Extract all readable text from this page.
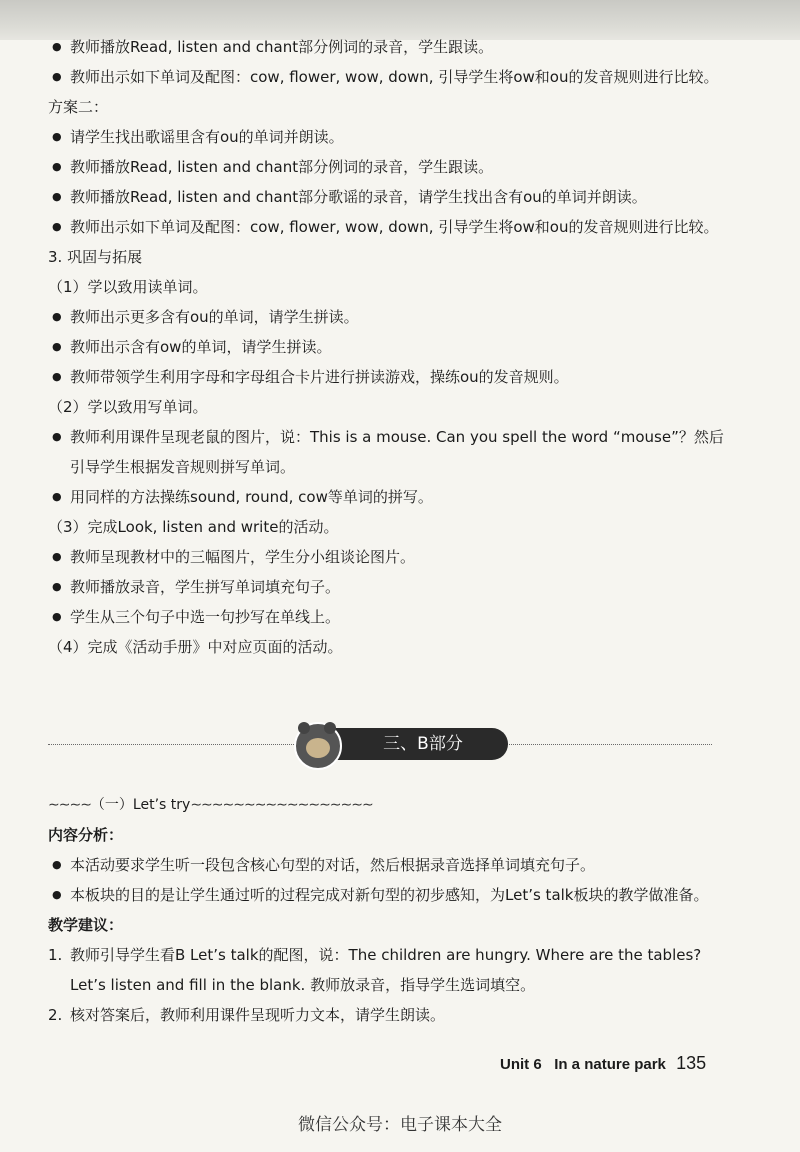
● 教师播放Read, listen and chant部分例词的录音，学生跟读。
● 教师出示如下单词及配图：cow, flower, wow, down, 引导学生将ow和ou的发音规则进行比较。
方案二：
● 请学生找出歌谣里含有ou的单词并朗读。
● 教师播放Read, listen and chant部分例词的录音，学生跟读。
● 教师播放Read, listen and chant部分歌谣的录音，请学生找出含有ou的单词并朗读。
● 教师出示如下单词及配图：cow, flower, wow, down, 引导学生将ow和ou的发音规则进行比较。
3. 巩固与拓展
（1）学以致用读单词。
● 教师出示更多含有ou的单词，请学生拼读。
● 教师出示含有ow的单词，请学生拼读。
● 教师带领学生利用字母和字母组合卡片进行拼读游戏，操练ou的发音规则。
（2）学以致用写单词。
● 教师利用课件呈现老鼠的图片，说：This is a mouse. Can you spell the word “mouse”？然后引导学生根据发音规则拼写单词。
● 用同样的方法操练sound, round, cow等单词的拼写。
（3）完成Look, listen and write的活动。
● 教师呈现教材中的三幅图片，学生分小组谈论图片。
● 教师播放录音，学生拼写单词填充句子。
● 学生从三个句子中选一句抄写在单线上。
（4）完成《活动手册》中对应页面的活动。
三、B部分
∼∼∼∼（一）Let’s try∼∼∼∼∼∼∼∼∼∼∼∼∼∼∼∼∼
内容分析：
● 本活动要求学生听一段包含核心句型的对话，然后根据录音选择单词填充句子。
● 本板块的目的是让学生通过听的过程完成对新句型的初步感知，为Let’s talk板块的教学做准备。
教学建议：
1. 教师引导学生看B Let’s talk的配图，说：The children are hungry. Where are the tables? Let’s listen and fill in the blank. 教师放录音，指导学生选词填空。
2. 核对答案后，教师利用课件呈现听力文本，请学生朗读。
Unit 6 In a nature park 135
微信公众号：电子课本大全
